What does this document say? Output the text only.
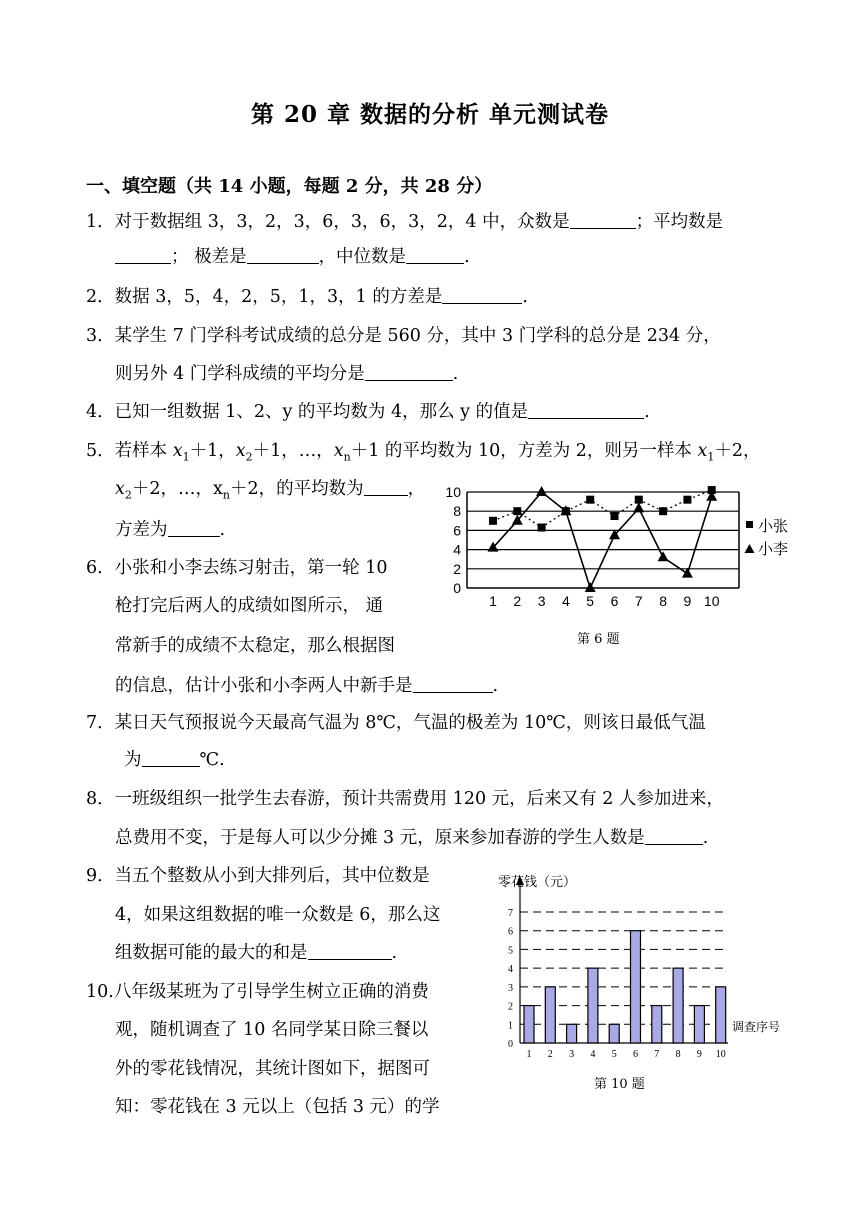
第 20 章 数据的分析 单元测试卷
一、填空题（共 14 小题，每题 2 分，共 28 分）
1．对于数据组 3，3，2，3，6，3，6，3，2，4 中，众数是	；平均数是
； 极差是	，中位数是	.
2．数据 3，5，4，2，5，1，3，1 的方差是	.
3．某学生 7 门学科考试成绩的总分是 560 分，其中 3 门学科的总分是 234 分，
则另外 4 门学科成绩的平均分是	.
4．已知一组数据 1、2、y 的平均数为 4，那么 y 的值是	.
5．若样本 $x_1+1$，$x_2+1$，…，$x_n+1$ 的平均数为 10，方差为 2，则另一样本 $x_1+2$，
$x_2+2$，…，$x_n+2$，的平均数为	，
方差为	.
6．小张和小李去练习射击，第一轮 10
枪打完后两人的成绩如图所示， 通
常新手的成绩不太稳定，那么根据图
的信息，估计小张和小李两人中新手是	.
0
2
4
6
8
10
1 2 3 4 5 6 7 8 9 10
小张
小李
第 6 题
7．某日天气预报说今天最高气温为 8℃，气温的极差为 10℃，则该日最低气温
为	℃.
8．一班级组织一批学生去春游，预计共需费用 120 元，后来又有 2 人参加进来，
总费用不变，于是每人可以少分摊 3 元，原来参加春游的学生人数是	.
9．当五个整数从小到大排列后，其中位数是
4，如果这组数据的唯一众数是 6，那么这
组数据可能的最大的和是	.
10.八年级某班为了引导学生树立正确的消费
观，随机调查了 10 名同学某日除三餐以
外的零花钱情况，其统计图如下，据图可
知：零花钱在 3 元以上（包括 3 元）的学
0
1
2
3
4
5
6
7
1 2 3 4 5 6 7 8 9 10
零花钱（元）
调查序号
第 10 题
